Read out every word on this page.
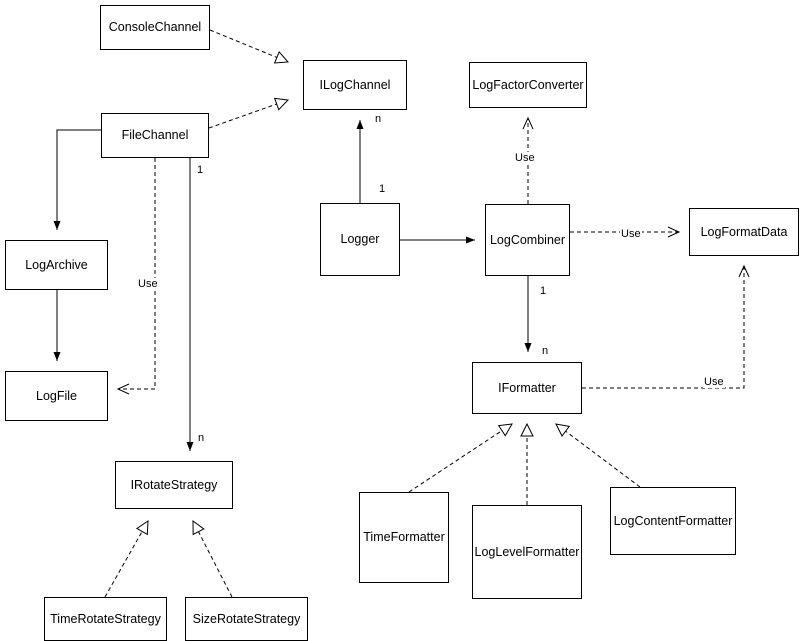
ConsoleChannel
ILogChannel	LogFactorConverter
FileChannel
LogArchive
Logger	LogCombiner
LogFormatData
LogFile
IFormatter
IRotateStrategy
LogContentFormatter
TimeFormatter
LogLevelFormatter
TimeRotateStrategy	SizeRotateStrategy
n
1
Use
1
Use
Use
1
n
Use
n
